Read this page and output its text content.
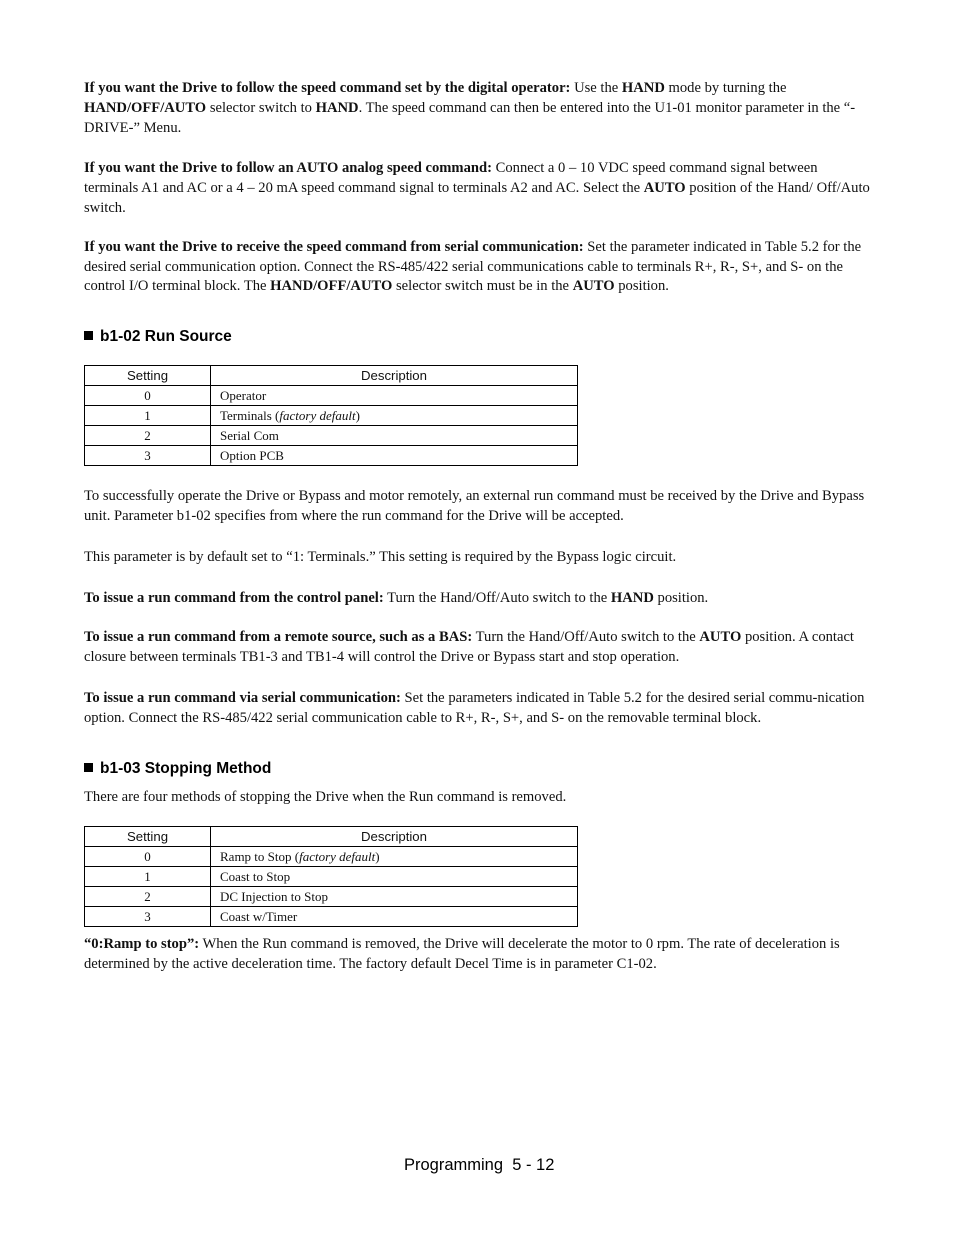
If you want the Drive to follow the speed command set by the digital operator: Use the HAND mode by turning the HAND/OFF/AUTO selector switch to HAND. The speed command can then be entered into the U1-01 monitor parameter in the “-DRIVE-” Menu.

If you want the Drive to follow an AUTO analog speed command: Connect a 0 – 10 VDC speed command signal between terminals A1 and AC or a 4 – 20 mA speed command signal to terminals A2 and AC. Select the AUTO position of the Hand/ Off/Auto switch.

If you want the Drive to receive the speed command from serial communication: Set the parameter indicated in Table 5.2 for the desired serial communication option. Connect the RS-485/422 serial communications cable to terminals R+, R-, S+, and S- on the control I/O terminal block. The HAND/OFF/AUTO selector switch must be in the AUTO position.

b1-02 Run Source
Setting	Description
0	Operator
1	Terminals (factory default)
2	Serial Com
3	Option PCB

To successfully operate the Drive or Bypass and motor remotely, an external run command must be received by the Drive and Bypass unit. Parameter b1-02 specifies from where the run command for the Drive will be accepted.

This parameter is by default set to “1: Terminals.” This setting is required by the Bypass logic circuit.

To issue a run command from the control panel: Turn the Hand/Off/Auto switch to the HAND position.

To issue a run command from a remote source, such as a BAS: Turn the Hand/Off/Auto switch to the AUTO position. A contact closure between terminals TB1-3 and TB1-4 will control the Drive or Bypass start and stop operation.

To issue a run command via serial communication: Set the parameters indicated in Table 5.2 for the desired serial commu-nication option. Connect the RS-485/422 serial communication cable to R+, R-, S+, and S- on the removable terminal block.

b1-03 Stopping Method

There are four methods of stopping the Drive when the Run command is removed.

Setting	Description
0	Ramp to Stop (factory default)
1	Coast to Stop
2	DC Injection to Stop
3	Coast w/Timer

“0:Ramp to stop”: When the Run command is removed, the Drive will decelerate the motor to 0 rpm. The rate of deceleration is determined by the active deceleration time. The factory default Decel Time is in parameter C1-02.

Programming  5 - 12
